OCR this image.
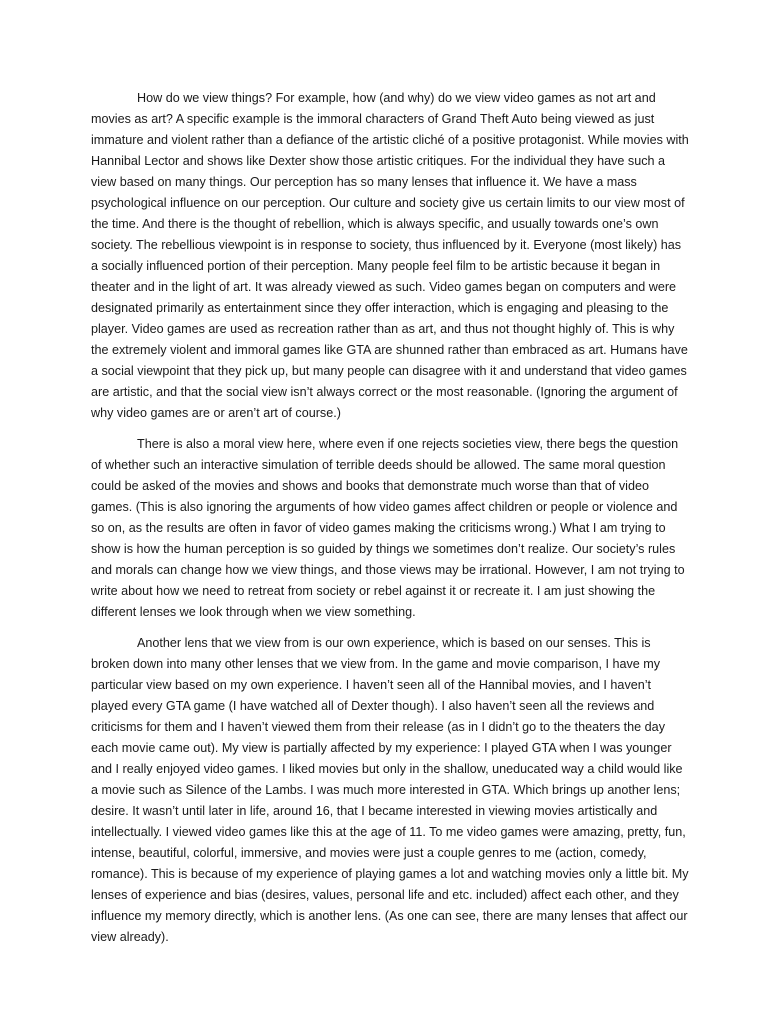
How do we view things? For example, how (and why) do we view video games as not art and movies as art? A specific example is the immoral characters of Grand Theft Auto being viewed as just immature and violent rather than a defiance of the artistic cliché of a positive protagonist. While movies with Hannibal Lector and shows like Dexter show those artistic critiques. For the individual they have such a view based on many things. Our perception has so many lenses that influence it. We have a mass psychological influence on our perception. Our culture and society give us certain limits to our view most of the time. And there is the thought of rebellion, which is always specific, and usually towards one’s own society. The rebellious viewpoint is in response to society, thus influenced by it. Everyone (most likely) has a socially influenced portion of their perception. Many people feel film to be artistic because it began in theater and in the light of art. It was already viewed as such. Video games began on computers and were designated primarily as entertainment since they offer interaction, which is engaging and pleasing to the player. Video games are used as recreation rather than as art, and thus not thought highly of. This is why the extremely violent and immoral games like GTA are shunned rather than embraced as art. Humans have a social viewpoint that they pick up, but many people can disagree with it and understand that video games are artistic, and that the social view isn’t always correct or the most reasonable. (Ignoring the argument of why video games are or aren’t art of course.)

There is also a moral view here, where even if one rejects societies view, there begs the question of whether such an interactive simulation of terrible deeds should be allowed. The same moral question could be asked of the movies and shows and books that demonstrate much worse than that of video games. (This is also ignoring the arguments of how video games affect children or people or violence and so on, as the results are often in favor of video games making the criticisms wrong.) What I am trying to show is how the human perception is so guided by things we sometimes don’t realize. Our society’s rules and morals can change how we view things, and those views may be irrational. However, I am not trying to write about how we need to retreat from society or rebel against it or recreate it. I am just showing the different lenses we look through when we view something.

Another lens that we view from is our own experience, which is based on our senses. This is broken down into many other lenses that we view from. In the game and movie comparison, I have my particular view based on my own experience. I haven’t seen all of the Hannibal movies, and I haven’t played every GTA game (I have watched all of Dexter though). I also haven’t seen all the reviews and criticisms for them and I haven’t viewed them from their release (as in I didn’t go to the theaters the day each movie came out). My view is partially affected by my experience: I played GTA when I was younger and I really enjoyed video games. I liked movies but only in the shallow, uneducated way a child would like a movie such as Silence of the Lambs. I was much more interested in GTA. Which brings up another lens; desire. It wasn’t until later in life, around 16, that I became interested in viewing movies artistically and intellectually. I viewed video games like this at the age of 11. To me video games were amazing, pretty, fun, intense, beautiful, colorful, immersive, and movies were just a couple genres to me (action, comedy, romance). This is because of my experience of playing games a lot and watching movies only a little bit. My lenses of experience and bias (desires, values, personal life and etc. included) affect each other, and they influence my memory directly, which is another lens. (As one can see, there are many lenses that affect our view already).
